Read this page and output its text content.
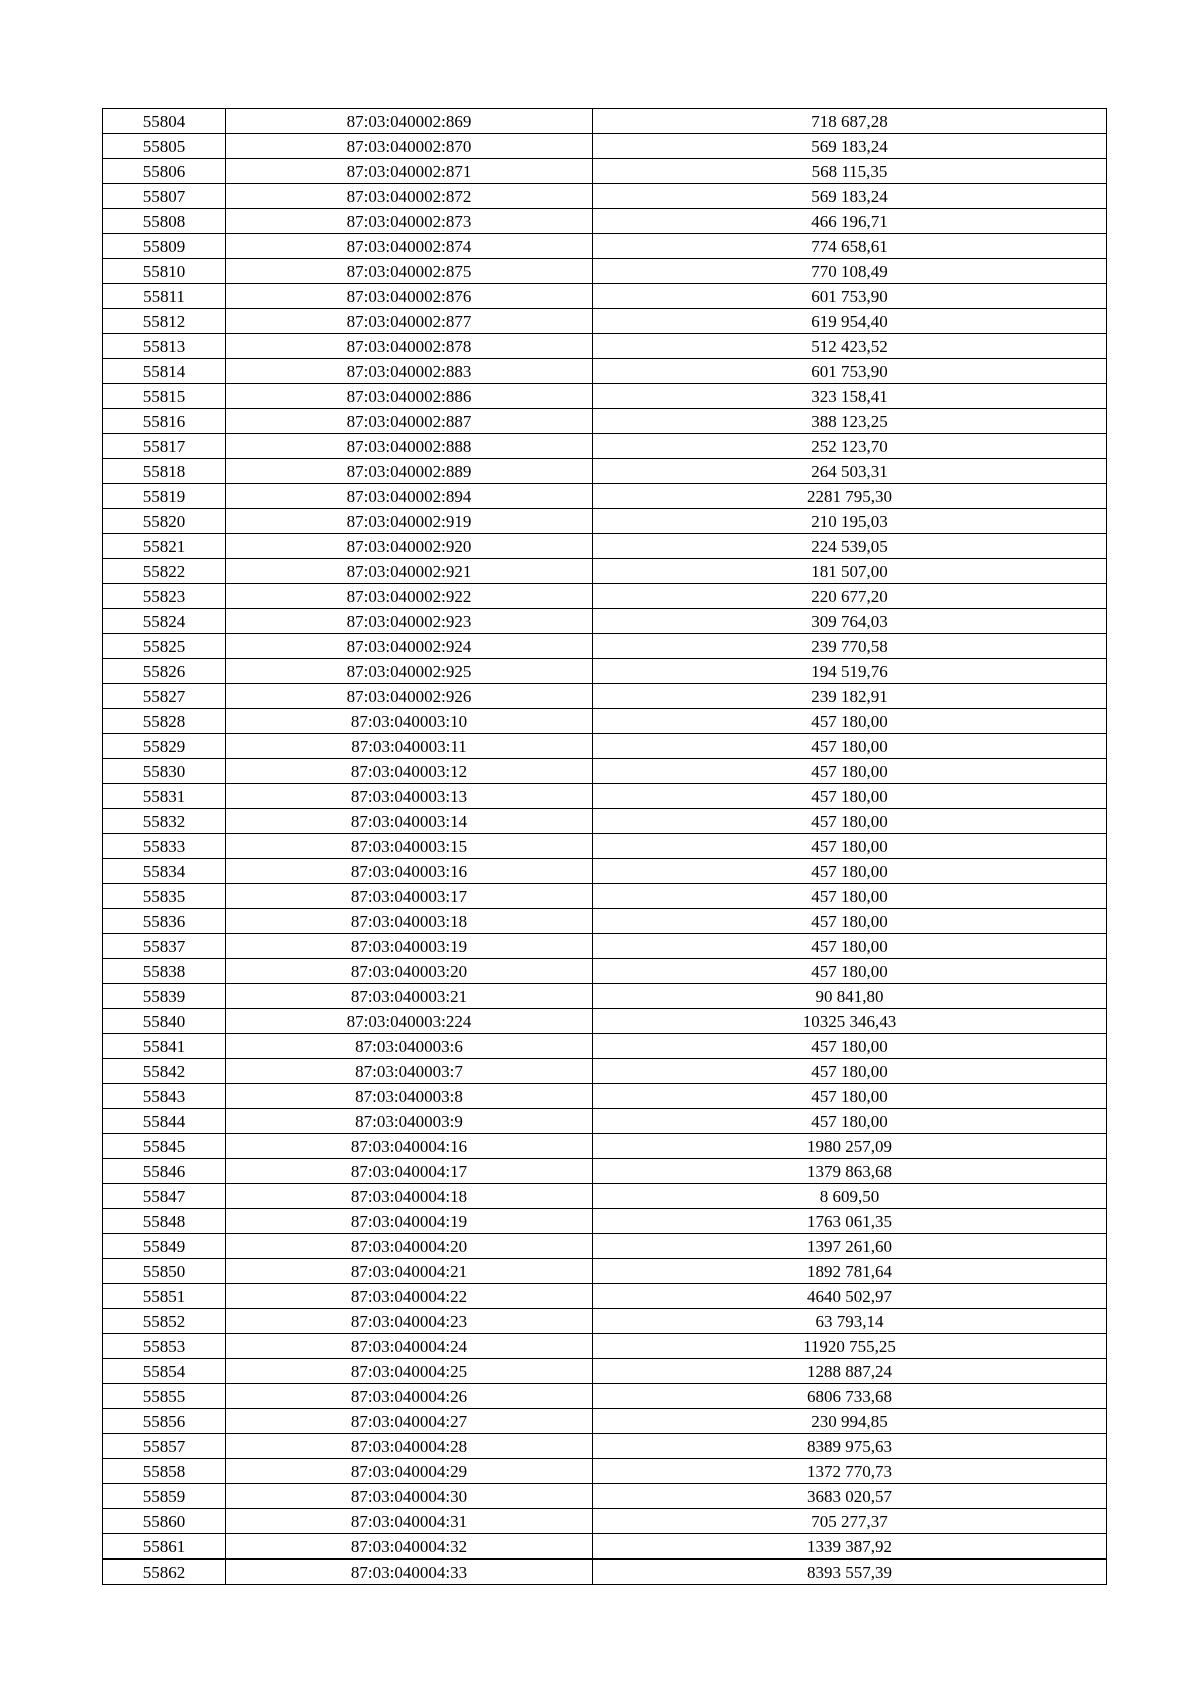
55804	87:03:040002:869	718 687,28
55805	87:03:040002:870	569 183,24
55806	87:03:040002:871	568 115,35
55807	87:03:040002:872	569 183,24
55808	87:03:040002:873	466 196,71
55809	87:03:040002:874	774 658,61
55810	87:03:040002:875	770 108,49
55811	87:03:040002:876	601 753,90
55812	87:03:040002:877	619 954,40
55813	87:03:040002:878	512 423,52
55814	87:03:040002:883	601 753,90
55815	87:03:040002:886	323 158,41
55816	87:03:040002:887	388 123,25
55817	87:03:040002:888	252 123,70
55818	87:03:040002:889	264 503,31
55819	87:03:040002:894	2281 795,30
55820	87:03:040002:919	210 195,03
55821	87:03:040002:920	224 539,05
55822	87:03:040002:921	181 507,00
55823	87:03:040002:922	220 677,20
55824	87:03:040002:923	309 764,03
55825	87:03:040002:924	239 770,58
55826	87:03:040002:925	194 519,76
55827	87:03:040002:926	239 182,91
55828	87:03:040003:10	457 180,00
55829	87:03:040003:11	457 180,00
55830	87:03:040003:12	457 180,00
55831	87:03:040003:13	457 180,00
55832	87:03:040003:14	457 180,00
55833	87:03:040003:15	457 180,00
55834	87:03:040003:16	457 180,00
55835	87:03:040003:17	457 180,00
55836	87:03:040003:18	457 180,00
55837	87:03:040003:19	457 180,00
55838	87:03:040003:20	457 180,00
55839	87:03:040003:21	90 841,80
55840	87:03:040003:224	10325 346,43
55841	87:03:040003:6	457 180,00
55842	87:03:040003:7	457 180,00
55843	87:03:040003:8	457 180,00
55844	87:03:040003:9	457 180,00
55845	87:03:040004:16	1980 257,09
55846	87:03:040004:17	1379 863,68
55847	87:03:040004:18	8 609,50
55848	87:03:040004:19	1763 061,35
55849	87:03:040004:20	1397 261,60
55850	87:03:040004:21	1892 781,64
55851	87:03:040004:22	4640 502,97
55852	87:03:040004:23	63 793,14
55853	87:03:040004:24	11920 755,25
55854	87:03:040004:25	1288 887,24
55855	87:03:040004:26	6806 733,68
55856	87:03:040004:27	230 994,85
55857	87:03:040004:28	8389 975,63
55858	87:03:040004:29	1372 770,73
55859	87:03:040004:30	3683 020,57
55860	87:03:040004:31	705 277,37
55861	87:03:040004:32	1339 387,92
55862	87:03:040004:33	8393 557,39
